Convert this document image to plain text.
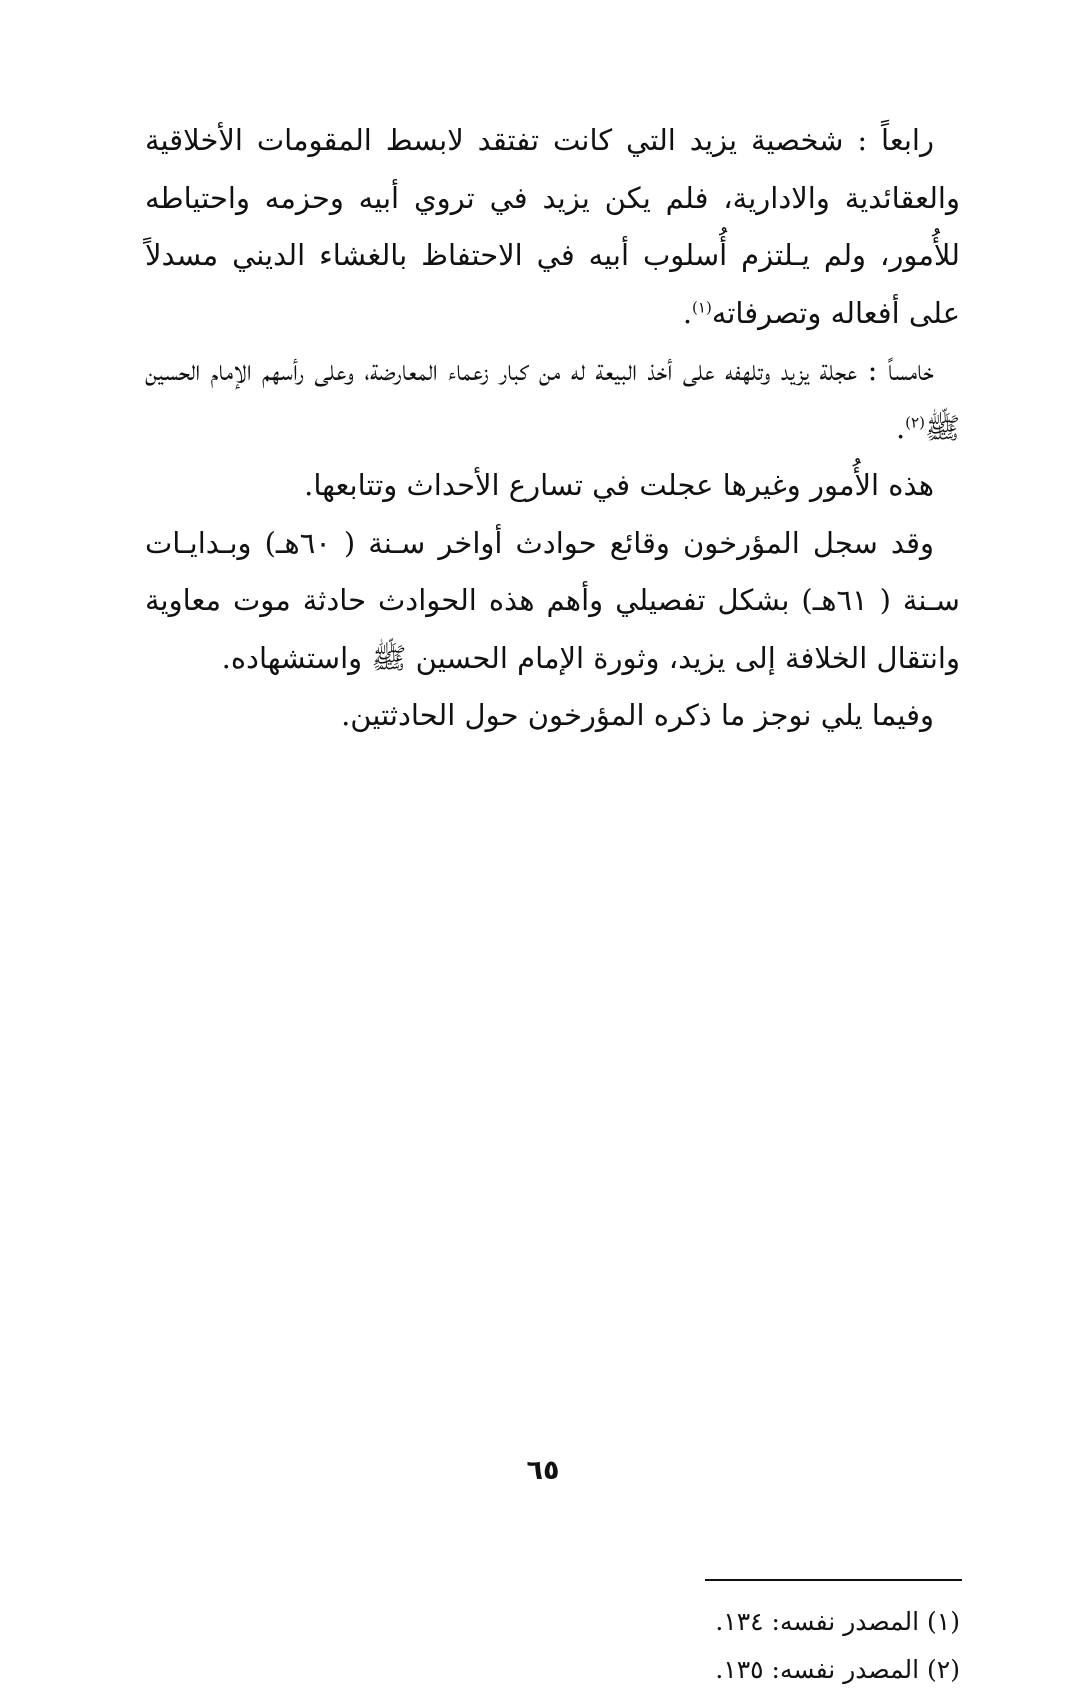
رابعاً : شخصية يزيد التي كانت تفتقد لابسط المقومات الأخلاقية والعقائدية والادارية، فلم يكن يزيد في تروي أبيه وحزمه واحتياطه للأُمور، ولم يـلتزم أُسلوب أبيه في الاحتفاظ بالغشاء الديني مسدلاً على أفعاله وتصرفاته$^{(١)}$.

خامساً : عجلة يزيد وتلهفه على أخذ البيعة له من كبار زعماء المعارضة، وعلى رأسهم الإمام الحسين ﷺ$^{(٢)}$.

هذه الأُمور وغيرها عجلت في تسارع الأحداث وتتابعها.

وقد سجل المؤرخون وقائع حوادث أواخر سـنة ( ٦٠هـ) وبـدايـات سـنة ( ٦١هـ) بشكل تفصيلي وأهم هذه الحوادث حادثة موت معاوية وانتقال الخلافة إلى يزيد، وثورة الإمام الحسين ﷺ واستشهاده.

وفيما يلي نوجز ما ذكره المؤرخون حول الحادثتين.

(١) المصدر نفسه: ١٣٤.

(٢) المصدر نفسه: ١٣٥.

٦٥
